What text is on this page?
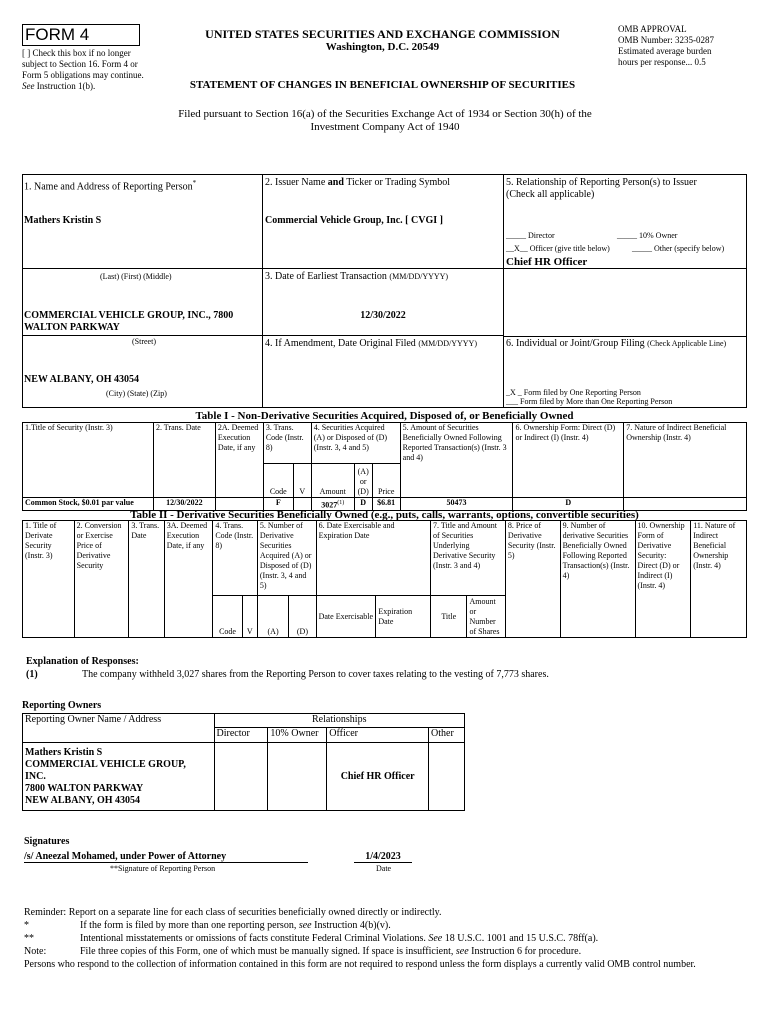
FORM 4
[ ] Check this box if no longer subject to Section 16. Form 4 or Form 5 obligations may continue. See Instruction 1(b).
UNITED STATES SECURITIES AND EXCHANGE COMMISSION
Washington, D.C. 20549
STATEMENT OF CHANGES IN BENEFICIAL OWNERSHIP OF SECURITIES
OMB APPROVAL
OMB Number: 3235-0287
Estimated average burden
hours per response... 0.5
Filed pursuant to Section 16(a) of the Securities Exchange Act of 1934 or Section 30(h) of the
Investment Company Act of 1940
1. Name and Address of Reporting Person*
Mathers Kristin S
(Last) (First) (Middle)
COMMERCIAL VEHICLE GROUP, INC., 7800
WALTON PARKWAY
(Street)
NEW ALBANY, OH 43054
(City) (State) (Zip)
2. Issuer Name and Ticker or Trading Symbol
Commercial Vehicle Group, Inc. [ CVGI ]
3. Date of Earliest Transaction (MM/DD/YYYY)
12/30/2022
4. If Amendment, Date Original Filed (MM/DD/YYYY)
5. Relationship of Reporting Person(s) to Issuer
(Check all applicable)
_____ Director	_____ 10% Owner
__X__ Officer (give title below)	_____ Other (specify below)
Chief HR Officer
6. Individual or Joint/Group Filing (Check Applicable Line)
_X _ Form filed by One Reporting Person
___ Form filed by More than One Reporting Person
Table I - Non-Derivative Securities Acquired, Disposed of, or Beneficially Owned
1.Title of Security (Instr. 3)	2. Trans. Date	2A. Deemed Execution Date, if any	3. Trans. Code (Instr. 8)		4. Securities Acquired (A) or Disposed of (D) (Instr. 3, 4 and 5)			5. Amount of Securities Beneficially Owned Following Reported Transaction(s) (Instr. 3 and 4)	6. Ownership Form: Direct (D) or Indirect (I) (Instr. 4)	7. Nature of Indirect Beneficial Ownership (Instr. 4)
			Code	V	Amount	(A) or (D)	Price			
Common Stock, $0.01 par value	12/30/2022		F		3027$^{(1)}$	D	$6.81	50473	D	
Table II - Derivative Securities Beneficially Owned (e.g., puts, calls, warrants, options, convertible securities)
1. Title of Derivate Security (Instr. 3)	2. Conversion or Exercise Price of Derivative Security	3. Trans. Date	3A. Deemed Execution Date, if any	4. Trans. Code (Instr. 8)		5. Number of Derivative Securities Acquired (A) or Disposed of (D) (Instr. 3, 4 and 5)		6. Date Exercisable and Expiration Date		7. Title and Amount of Securities Underlying Derivative Security (Instr. 3 and 4)		8. Price of Derivative Security (Instr. 5)	9. Number of derivative Securities Beneficially Owned Following Reported Transaction(s) (Instr. 4)	10. Ownership Form of Derivative Security: Direct (D) or Indirect (I) (Instr. 4)	11. Nature of Indirect Beneficial Ownership (Instr. 4)
				Code	V	(A)	(D)	Date Exercisable	Expiration Date	Title	Amount or Number of Shares				
Explanation of Responses:
(1)	The company withheld 3,027 shares from the Reporting Person to cover taxes relating to the vesting of 7,773 shares.
Reporting Owners
Reporting Owner Name / Address	Relationships			
	Director	10% Owner	Officer	Other

Mathers Kristin S
COMMERCIAL VEHICLE GROUP,
INC.
7800 WALTON PARKWAY
NEW ALBANY, OH 43054			Chief HR Officer	
Signatures
/s/ Aneezal Mohamed, under Power of Attorney	1/4/2023
**Signature of Reporting Person	Date
Reminder: Report on a separate line for each class of securities beneficially owned directly or indirectly.
*	If the form is filed by more than one reporting person, see Instruction 4(b)(v).
**	Intentional misstatements or omissions of facts constitute Federal Criminal Violations. See 18 U.S.C. 1001 and 15 U.S.C. 78ff(a).
Note:	File three copies of this Form, one of which must be manually signed. If space is insufficient, see Instruction 6 for procedure.
Persons who respond to the collection of information contained in this form are not required to respond unless the form displays a currently valid OMB control number.
